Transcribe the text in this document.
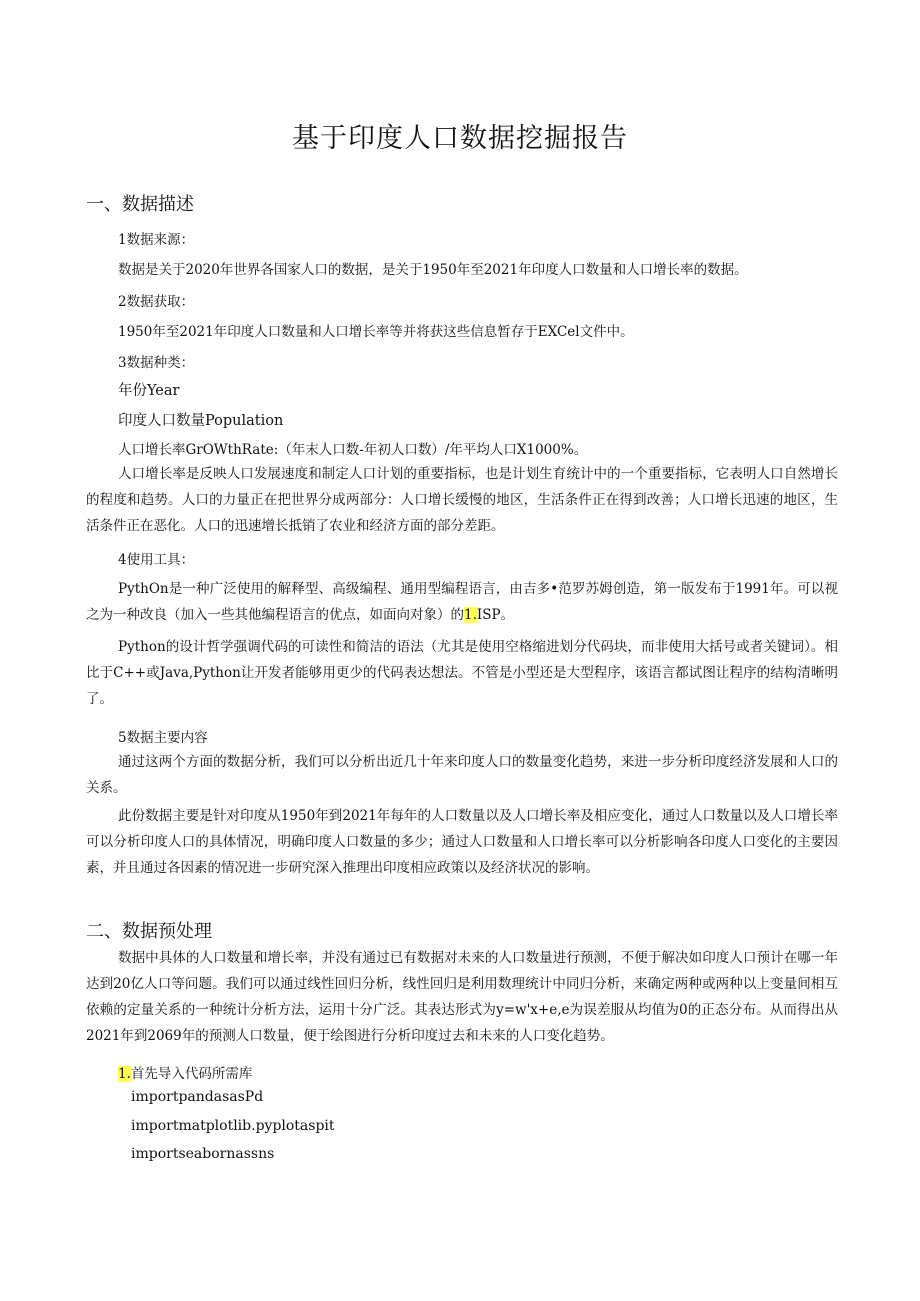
基于印度人口数据挖掘报告
一、数据描述

1数据来源：

数据是关于2020年世界各国家人口的数据，是关于1950年至2021年印度人口数量和人口增长率的数据。

2数据获取：

1950年至2021年印度人口数量和人口增长率等并将获这些信息暂存于EXCel文件中。

3数据种类：

年份Year

印度人口数量Population

人口增长率GrOWthRate:（年末人口数-年初人口数）/年平均人口X1000%。

人口增长率是反映人口发展速度和制定人口计划的重要指标，也是计划生育统计中的一个重要指标，它表明人口自然增长的程度和趋势。人口的力量正在把世界分成两部分：人口增长缓慢的地区，生活条件正在得到改善；人口增长迅速的地区，生活条件正在恶化。人口的迅速增长抵销了农业和经济方面的部分差距。

4使用工具：

PythOn是一种广泛使用的解释型、高级编程、通用型编程语言，由吉多•范罗苏姆创造，第一版发布于1991年。可以视之为一种改良（加入一些其他编程语言的优点，如面向对象）的1.ISP。

Python的设计哲学强调代码的可读性和简洁的语法（尤其是使用空格缩进划分代码块，而非使用大括号或者关键词）。相比于C++或Java,Python让开发者能够用更少的代码表达想法。不管是小型还是大型程序，该语言都试图让程序的结构清晰明了。

5数据主要内容

通过这两个方面的数据分析，我们可以分析出近几十年来印度人口的数量变化趋势，来进一步分析印度经济发展和人口的关系。

此份数据主要是针对印度从1950年到2021年每年的人口数量以及人口增长率及相应变化，通过人口数量以及人口增长率可以分析印度人口的具体情况，明确印度人口数量的多少；通过人口数量和人口增长率可以分析影响各印度人口变化的主要因素，并且通过各因素的情况进一步研究深入推理出印度相应政策以及经济状况的影响。

二、数据预处理

数据中具体的人口数量和增长率，并没有通过已有数据对未来的人口数量进行预测，不便于解决如印度人口预计在哪一年达到20亿人口等问题。我们可以通过线性回归分析，线性回归是利用数理统计中同归分析，来确定两种或两种以上变量间相互依赖的定量关系的一种统计分析方法，运用十分广泛。其表达形式为y=w'x+e,e为误差服从均值为0的正态分布。从而得出从2021年到2069年的预测人口数量，便于绘图进行分析印度过去和未来的人口变化趋势。

1.首先导入代码所需库

importpandasasPd

importmatplotlib.pyplotaspit

importseabornassns
